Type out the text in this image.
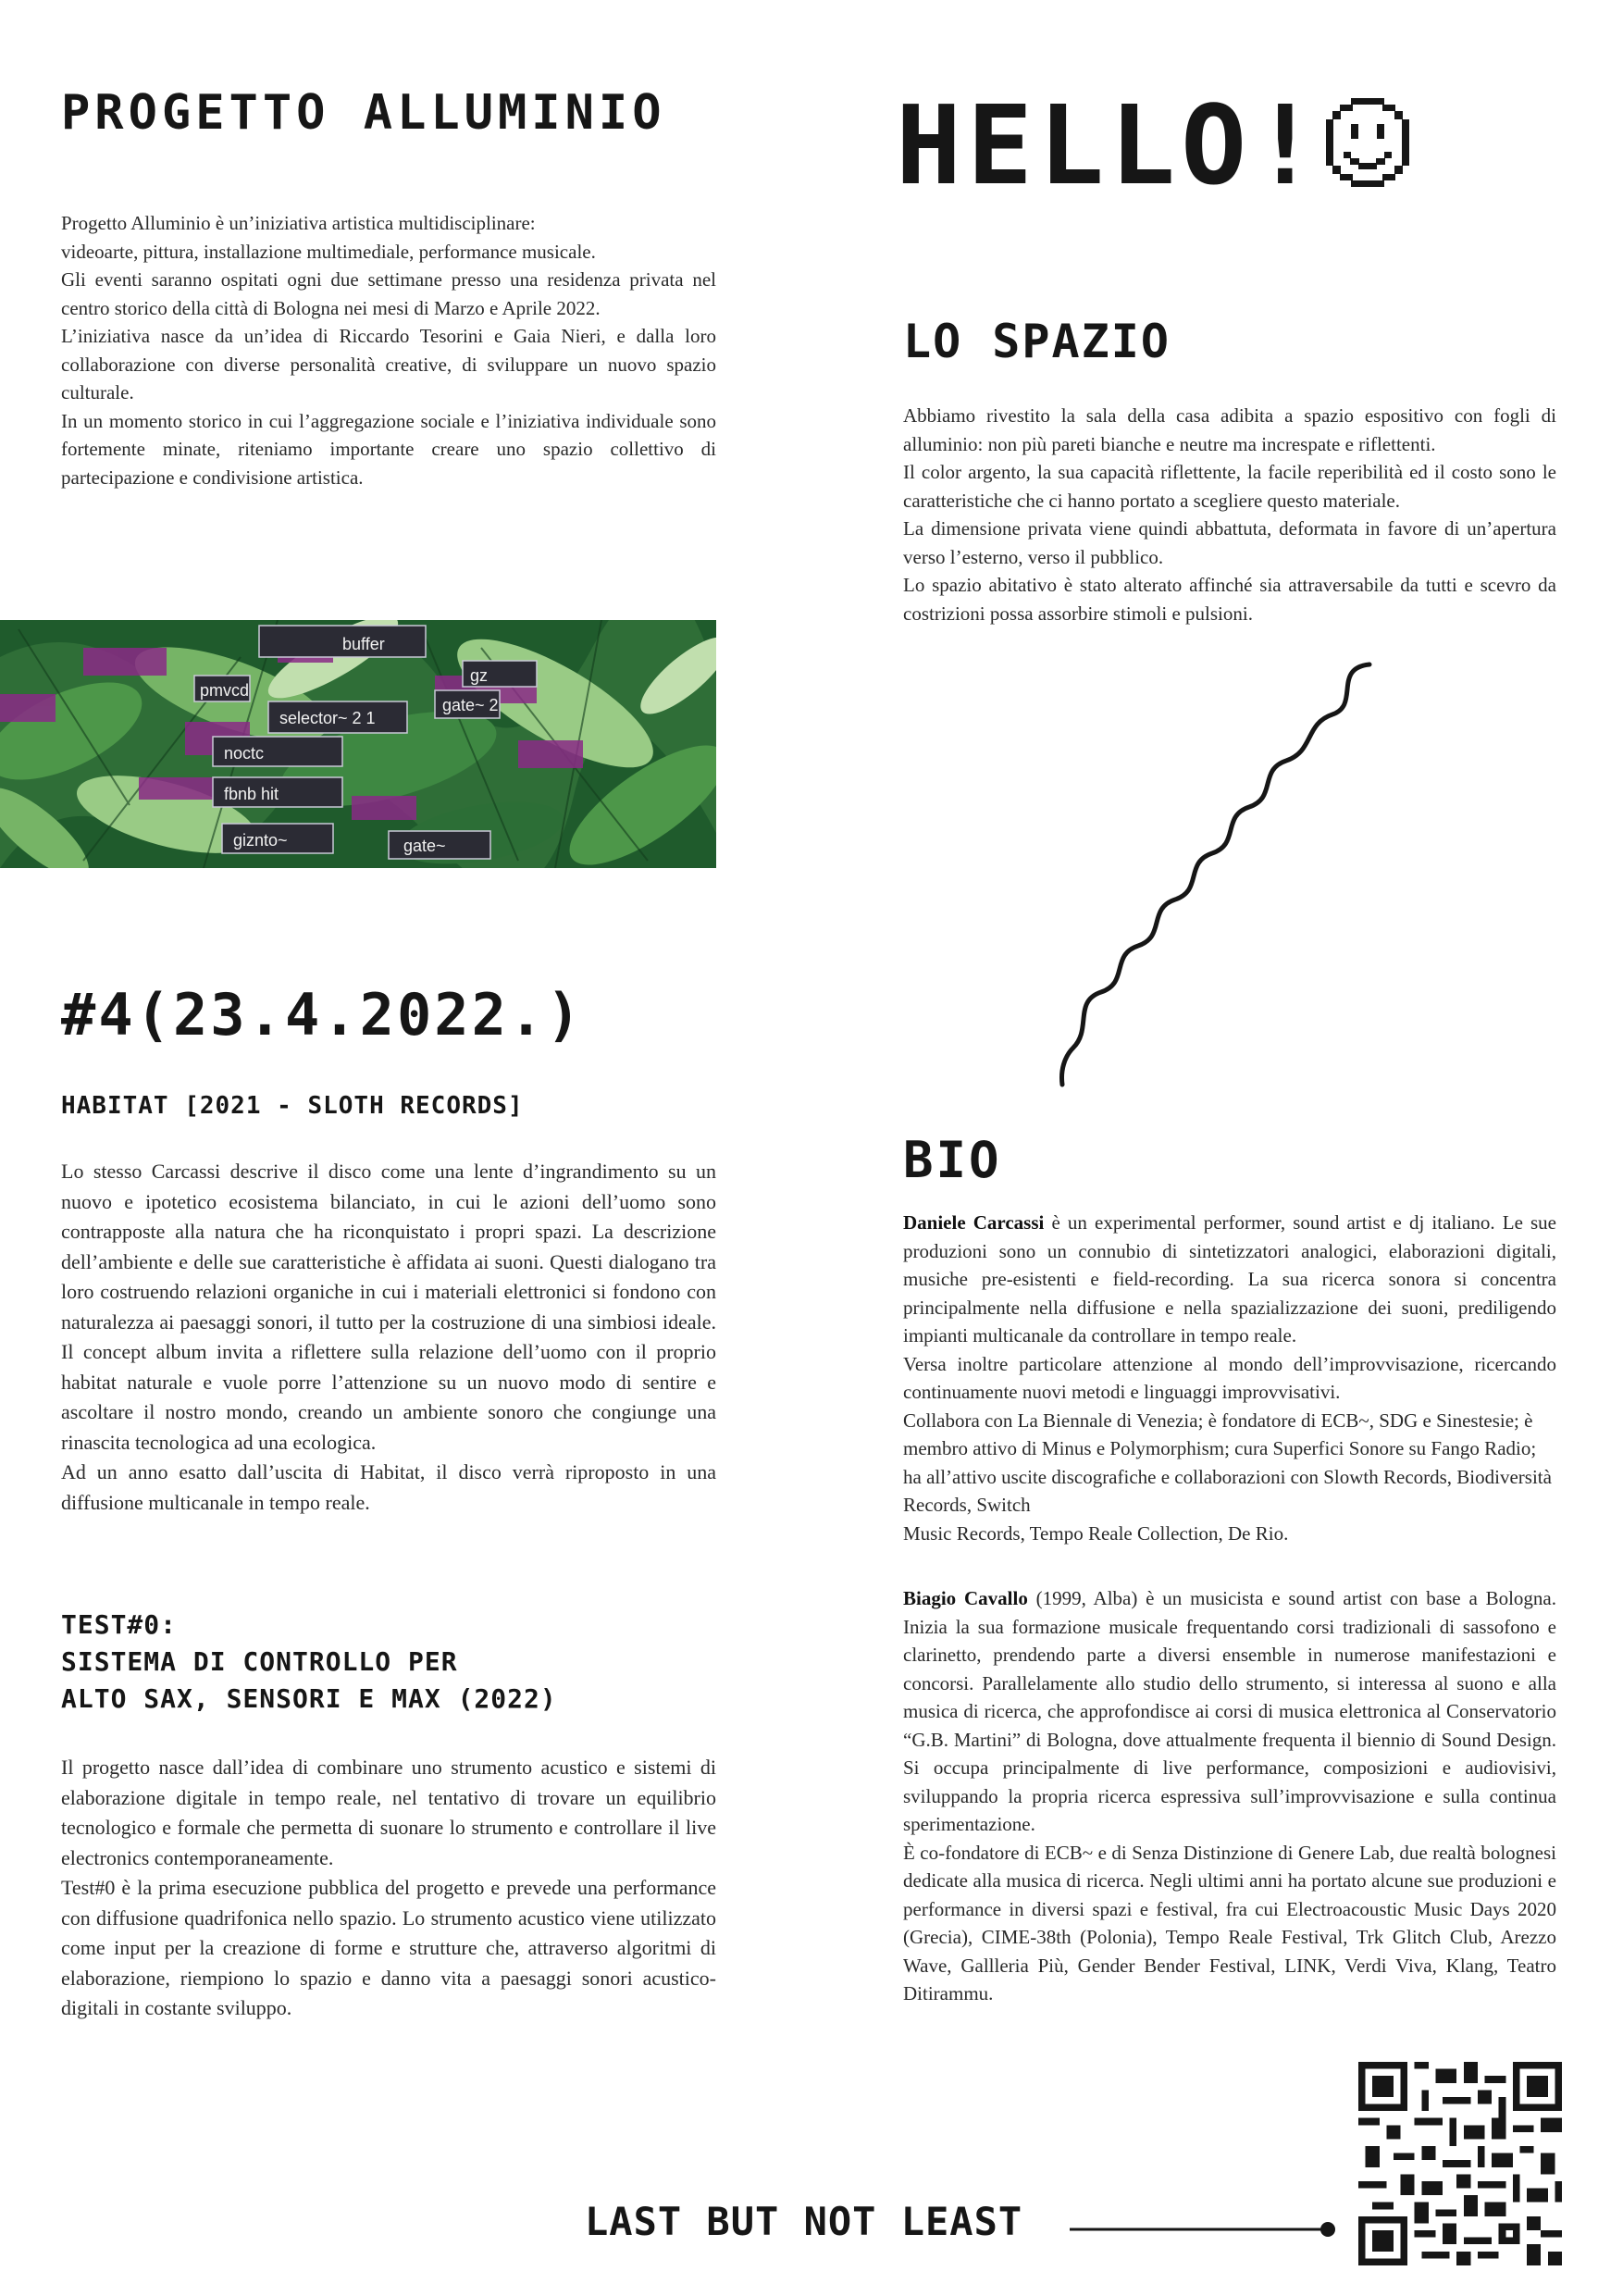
PROGETTO ALLUMINIO HELLO!

Progetto Alluminio è un’iniziativa artistica multidisciplinare:

videoarte, pittura, installazione multimediale, performance musicale.

Gli eventi saranno ospitati ogni due settimane presso una residenza privata nel centro storico della città di Bologna nei mesi di Marzo e Aprile 2022.

L’iniziativa nasce da un’idea di Riccardo Tesorini e Gaia Nieri, e dalla loro collaborazione con diverse personalità creative, di sviluppare un nuovo spazio culturale.

In un momento storico in cui l’aggregazione sociale e l’iniziativa individuale sono fortemente minate, riteniamo importante creare uno spazio collettivo di partecipazione e condivisione artistica.

LO SPAZIO

Abbiamo rivestito la sala della casa adibita a spazio espositivo con fogli di alluminio: non più pareti bianche e neutre ma increspate e riflettenti.

Il color argento, la sua capacità riflettente, la facile reperibilità ed il costo sono le caratteristiche che ci hanno portato a scegliere questo materiale.

La dimensione privata viene quindi abbattuta, deformata in favore di un’apertura verso l’esterno, verso il pubblico.

Lo spazio abitativo è stato alterato affinché sia attraversabile da tutti e scevro da costrizioni possa assorbire stimoli e pulsioni.

buffer
selector~ 2 1
gate~ 2
noctc
fbnb hit
giznto~	gate~
gz
pmvcd
#4(23.4.2022.)
HABITAT [2021 - SLOTH RECORDS]

Lo stesso Carcassi descrive il disco come una lente d’ingrandimento su un nuovo e ipotetico ecosistema bilanciato, in cui le azioni dell’uomo sono contrapposte alla natura che ha riconquistato i propri spazi. La descrizione dell’ambiente e delle sue caratteristiche è affidata ai suoni. Questi dialogano tra loro costruendo relazioni organiche in cui i materiali elettronici si fondono con naturalezza ai paesaggi sonori, il tutto per la costruzione di una simbiosi ideale. Il concept album invita a riflettere sulla relazione dell’uomo con il proprio habitat naturale e vuole porre l’attenzione su un nuovo modo di sentire e ascoltare il nostro mondo, creando un ambiente sonoro che congiunge una rinascita tecnologica ad una ecologica.

Ad un anno esatto dall’uscita di Habitat, il disco verrà riproposto in una diffusione multicanale in tempo reale.

TEST#0:
SISTEMA DI CONTROLLO PER
ALTO SAX, SENSORI E MAX (2022)

Il progetto nasce dall’idea di combinare uno strumento acustico e sistemi di elaborazione digitale in tempo reale, nel tentativo di trovare un equilibrio tecnologico e formale che permetta di suonare lo strumento e controllare il live electronics contemporaneamente.

Test#0 è la prima esecuzione pubblica del progetto e prevede una performance con diffusione quadrifonica nello spazio. Lo strumento acustico viene utilizzato come input per la creazione di forme e strutture che, attraverso algoritmi di elaborazione, riempiono lo spazio e danno vita a paesaggi sonori acustico-digitali in costante sviluppo.

BIO

Daniele Carcassi è un experimental performer, sound artist e dj italiano. Le sue produzioni sono un connubio di sintetizzatori analogici, elaborazioni digitali, musiche pre-esistenti e field-recording. La sua ricerca sonora si concentra principalmente nella diffusione e nella spazializzazione dei suoni, prediligendo impianti multicanale da controllare in tempo reale.

Versa inoltre particolare attenzione al mondo dell’improvvisazione, ricercando continuamente nuovi metodi e linguaggi improvvisativi.

Collabora con La Biennale di Venezia; è fondatore di ECB~, SDG e Sinestesie; è membro attivo di Minus e Polymorphism; cura Superfici Sonore su Fango Radio; ha all’attivo uscite discografiche e collaborazioni con Slowth Records, Biodiversità Records, Switch

Music Records, Tempo Reale Collection, De Rio.

Biagio Cavallo (1999, Alba) è un musicista e sound artist con base a Bologna. Inizia la sua formazione musicale frequentando corsi tradizionali di sassofono e clarinetto, prendendo parte a diversi ensemble in numerose manifestazioni e concorsi. Parallelamente allo studio dello strumento, si interessa al suono e alla musica di ricerca, che approfondisce ai corsi di musica elettronica al Conservatorio “G.B. Martini” di Bologna, dove attualmente frequenta il biennio di Sound Design. Si occupa principalmente di live performance, composizioni e audiovisivi, sviluppando la propria ricerca espressiva sull’improvvisazione e sulla continua sperimentazione.

È co-fondatore di ECB~ e di Senza Distinzione di Genere Lab, due realtà bolognesi dedicate alla musica di ricerca. Negli ultimi anni ha portato alcune sue produzioni e performance in diversi spazi e festival, fra cui Electroacoustic Music Days 2020 (Grecia), CIME-38th (Polonia), Tempo Reale Festival, Trk Glitch Club, Arezzo Wave, Gallleria Più, Gender Bender Festival, LINK, Verdi Viva, Klang, Teatro Ditirammu.

LAST BUT NOT LEAST
